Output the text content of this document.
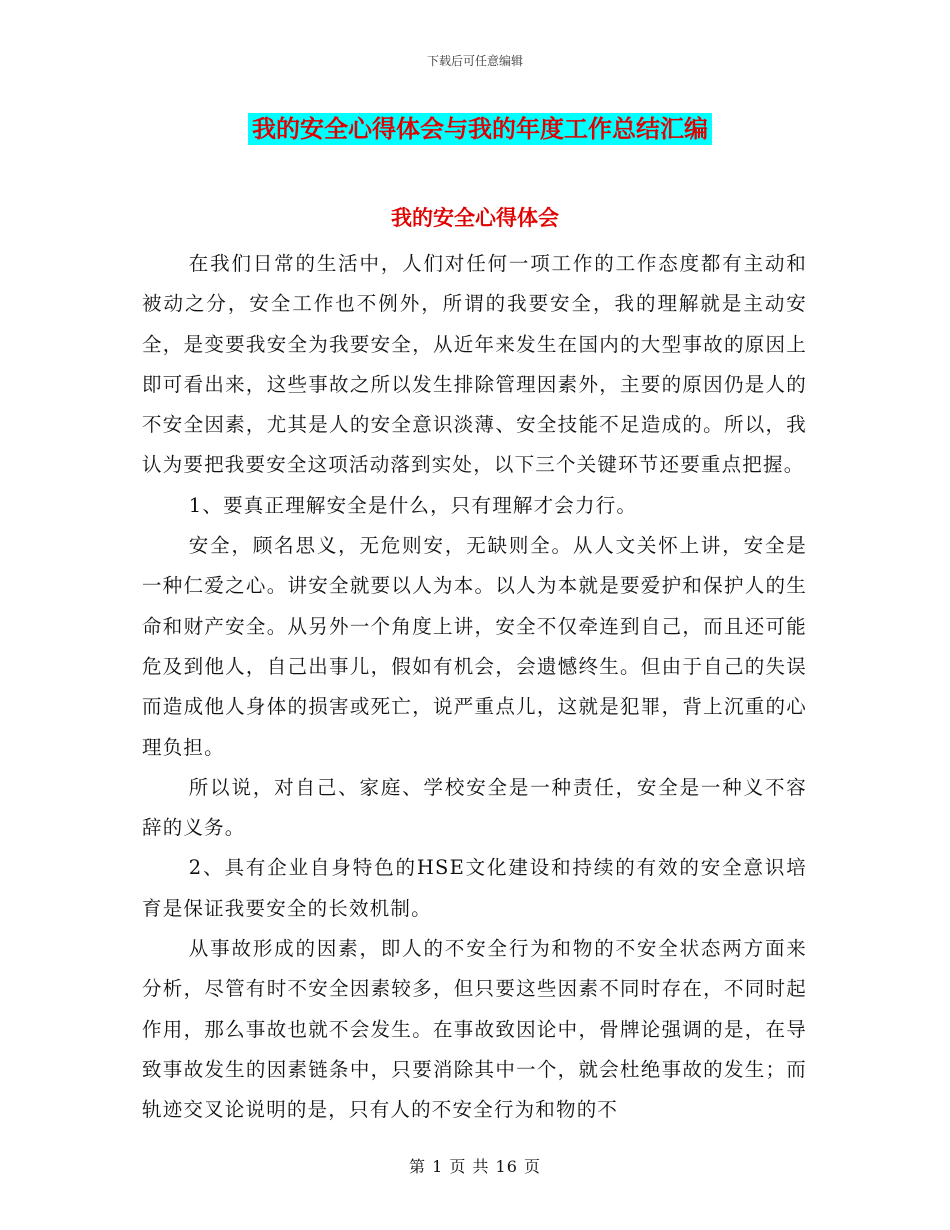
下载后可任意编辑
我的安全心得体会与我的年度工作总结汇编
我的安全心得体会

在我们日常的生活中，人们对任何一项工作的工作态度都有主动和被动之分，安全工作也不例外，所谓的我要安全，我的理解就是主动安全，是变要我安全为我要安全，从近年来发生在国内的大型事故的原因上即可看出来，这些事故之所以发生排除管理因素外，主要的原因仍是人的不安全因素，尤其是人的安全意识淡薄、安全技能不足造成的。所以，我认为要把我要安全这项活动落到实处，以下三个关键环节还要重点把握。

1、要真正理解安全是什么，只有理解才会力行。

安全，顾名思义，无危则安，无缺则全。从人文关怀上讲，安全是一种仁爱之心。讲安全就要以人为本。以人为本就是要爱护和保护人的生命和财产安全。从另外一个角度上讲，安全不仅牵连到自己，而且还可能危及到他人，自己出事儿，假如有机会，会遗憾终生。但由于自己的失误而造成他人身体的损害或死亡，说严重点儿，这就是犯罪，背上沉重的心理负担。

所以说，对自己、家庭、学校安全是一种责任，安全是一种义不容辞的义务。

2、具有企业自身特色的HSE文化建设和持续的有效的安全意识培育是保证我要安全的长效机制。

从事故形成的因素，即人的不安全行为和物的不安全状态两方面来分析，尽管有时不安全因素较多，但只要这些因素不同时存在，不同时起作用，那么事故也就不会发生。在事故致因论中，骨牌论强调的是，在导致事故发生的因素链条中，只要消除其中一个，就会杜绝事故的发生；而轨迹交叉论说明的是，只有人的不安全行为和物的不

第 1 页 共 16 页
